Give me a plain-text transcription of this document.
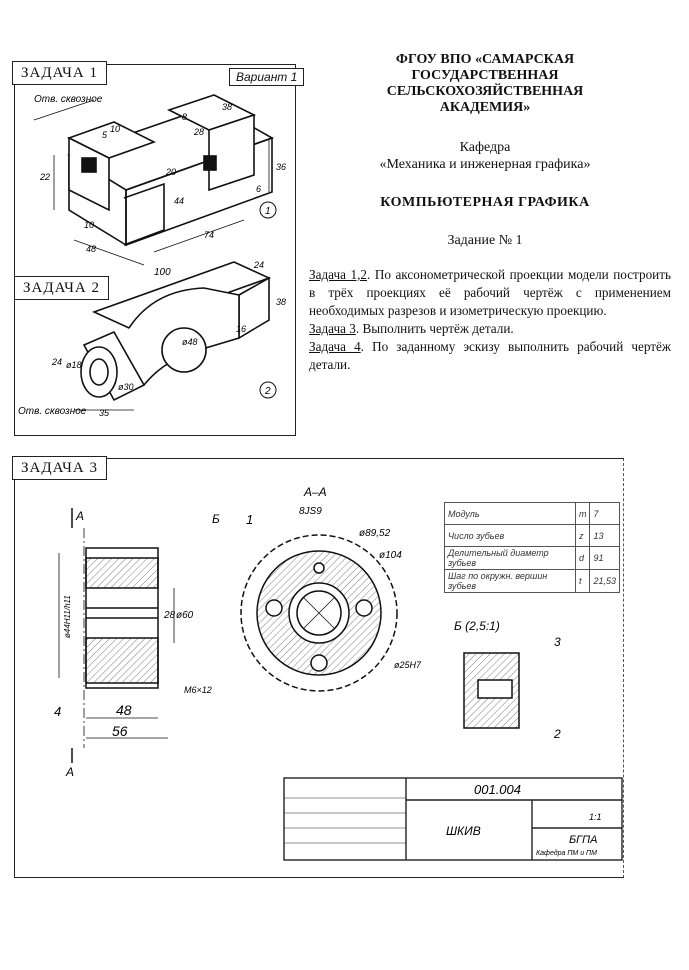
ЗАДАЧА 1	Вариант 1
Отв. сквозное
5
10
8
38
28
36
22	20
44
6
10
48
74
1
ЗАДАЧА 2
100
24
38
16
ø48
24 ø18
ø30
35
Отв. сквозное
2
ФГОУ ВПО «САМАРСКАЯ
ГОСУДАРСТВЕННАЯ
СЕЛЬСКОХОЗЯЙСТВЕННАЯ
АКАДЕМИЯ»
Кафедра
«Механика и инженерная графика»
КОМПЬЮТЕРНАЯ ГРАФИКА
Задание № 1

Задача 1,2. По аксонометрической проекции модели построить в трёх проекциях её рабочий чертёж с применением необходимых разрезов и изометрическую проекцию.

Задача 3. Выполнить чертёж детали.

Задача 4. По заданному эскизу выполнить рабочий чертёж детали.

ЗАДАЧА 3
А
А
Б
4
ø44H11/h11	28 ø60
М6×12
48
56
А–А
1
8JS9
ø89,52
ø104
ø25H7
Б (2,5:1)
3
2
001.004
ШКИВ
1:1
БГПА
Кафедра ПМ и ПМ
Модуль	m	7
Число зубьев	z	13
Делительный диаметр зубьев	d	91
Шаг по окружн. вершин зубьев	t	21,53
